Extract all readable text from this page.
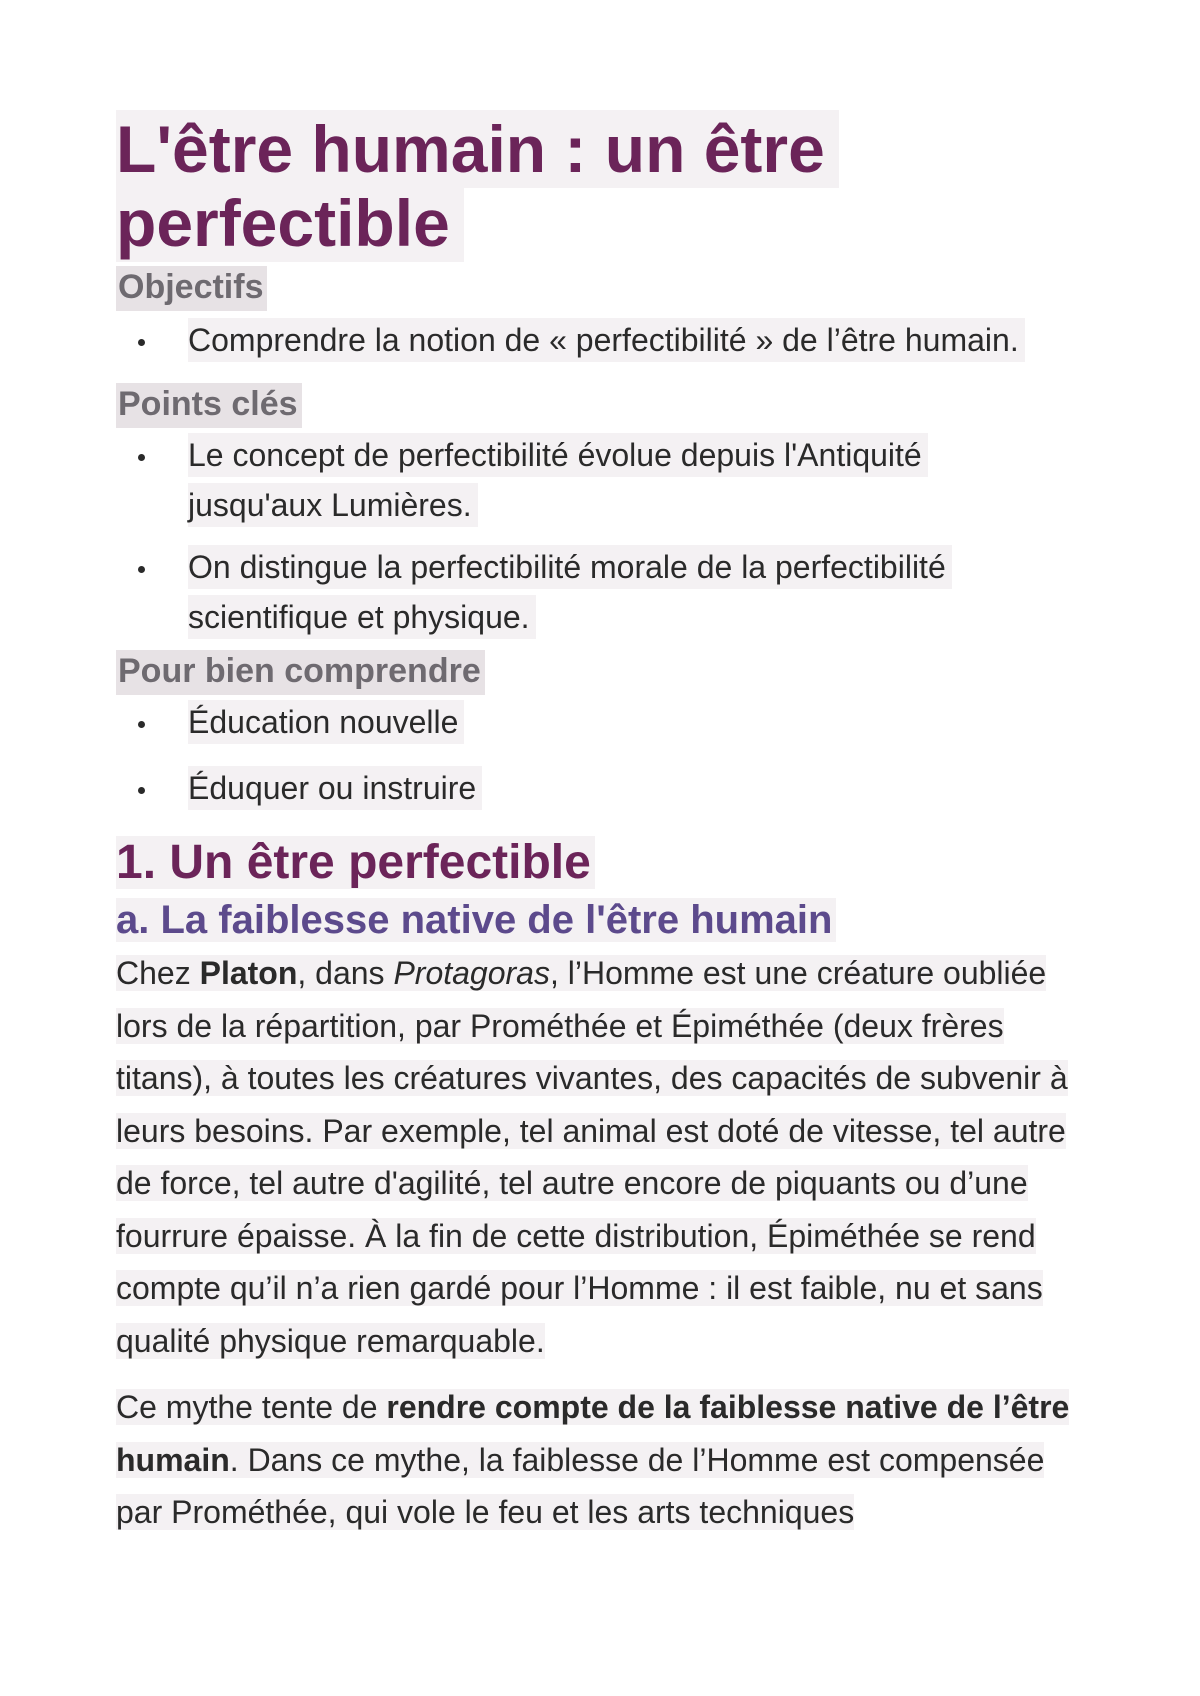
L'être humain : un être perfectible
Objectifs
Comprendre la notion de « perfectibilité » de l’être humain.
Points clés
Le concept de perfectibilité évolue depuis l'Antiquité jusqu'aux Lumières.
On distingue la perfectibilité morale de la perfectibilité scientifique et physique.
Pour bien comprendre
Éducation nouvelle
Éduquer ou instruire
1. Un être perfectible
a. La faiblesse native de l'être humain

Chez Platon, dans Protagoras, l’Homme est une créature oubliée lors de la répartition, par Prométhée et Épiméthée (deux frères titans), à toutes les créatures vivantes, des capacités de subvenir à leurs besoins. Par exemple, tel animal est doté de vitesse, tel autre de force, tel autre d'agilité, tel autre encore de piquants ou d’une fourrure épaisse. À la fin de cette distribution, Épiméthée se rend compte qu’il n’a rien gardé pour l’Homme : il est faible, nu et sans qualité physique remarquable.

Ce mythe tente de rendre compte de la faiblesse native de l’être humain. Dans ce mythe, la faiblesse de l’Homme est compensée par Prométhée, qui vole le feu et les arts techniques
